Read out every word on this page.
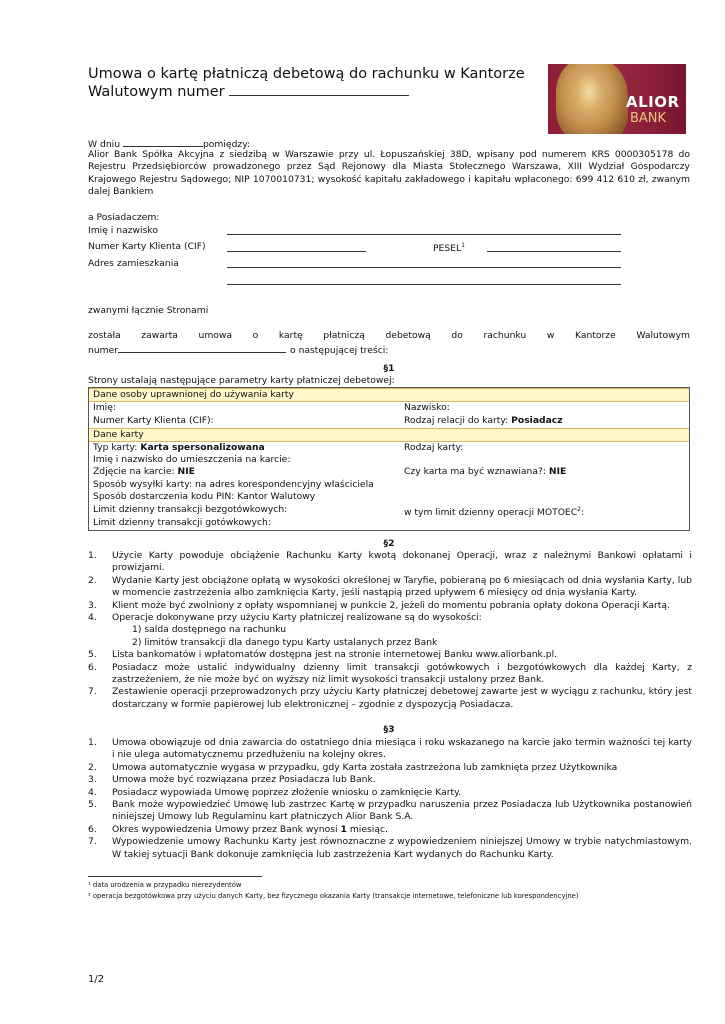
Umowa o kartę płatniczą debetową do rachunku w Kantorze
Walutowym numer
ALIOR
BANK
W dniu	pomiędzy:
Alior Bank Spółka Akcyjna z siedzibą w Warszawie przy ul. Łopuszańskiej 38D, wpisany pod numerem KRS 0000305178 do Rejestru Przedsiębiorców prowadzonego przez Sąd Rejonowy dla Miasta Stołecznego Warszawa, XIII Wydział Gospodarczy Krajowego Rejestru Sądowego; NIP 1070010731; wysokość kapitału zakładowego i kapitału wpłaconego: 699 412 610 zł, zwanym dalej Bankiem
a Posiadaczem:
Imię i nazwisko
Numer Karty Klienta (CIF)	PESEL$^1$
Adres zamieszkania
zwanymi łącznie Stronami
została zawarta umowa o kartę płatniczą debetową do rachunku w Kantorze Walutowym
numer	o następującej treści:
§1
Strony ustalają następujące parametry karty płatniczej debetowej:
Dane osoby uprawnionej do używania karty
Imię:	Nazwisko:
Numer Karty Klienta (CIF):	Rodzaj relacji do karty: Posiadacz
Dane karty
Typ karty: Karta spersonalizowana	Rodzaj karty:
Imię i nazwisko do umieszczenia na karcie:
Zdjęcie na karcie: NIE	Czy karta ma być wznawiana?: NIE
Sposób wysyłki karty: na adres korespondencyjny właściciela
Sposób dostarczenia kodu PIN: Kantor Walutowy
Limit dzienny transakcji bezgotówkowych:	w tym limit dzienny operacji MOTOEC$^2$:
Limit dzienny transakcji gotówkowych:
§2
1. Użycie Karty powoduje obciążenie Rachunku Karty kwotą dokonanej Operacji, wraz z należnymi Bankowi opłatami i prowizjami.
2. Wydanie Karty jest obciążone opłatą w wysokości określonej w Taryfie, pobieraną po 6 miesiącach od dnia wysłania Karty, lub w momencie zastrzeżenia albo zamknięcia Karty, jeśli nastąpią przed upływem 6 miesięcy od dnia wysłania Karty.
3. Klient może być zwolniony z opłaty wspomnianej w punkcie 2, jeżeli do momentu pobrania opłaty dokona Operacji Kartą.
4. Operacje dokonywane przy użyciu Karty płatniczej realizowane są do wysokości:
1) salda dostępnego na rachunku
2) limitów transakcji dla danego typu Karty ustalanych przez Bank
5. Lista bankomatów i wpłatomatów dostępna jest na stronie internetowej Banku www.aliorbank.pl.
6. Posiadacz może ustalić indywidualny dzienny limit transakcji gotówkowych i bezgotówkowych dla każdej Karty, z zastrzeżeniem, że nie może być on wyższy niż limit wysokości transakcji ustalony przez Bank.
7. Zestawienie operacji przeprowadzonych przy użyciu Karty płatniczej debetowej zawarte jest w wyciągu z rachunku, który jest dostarczany w formie papierowej lub elektronicznej – zgodnie z dyspozycją Posiadacza.
§3
1. Umowa obowiązuje od dnia zawarcia do ostatniego dnia miesiąca i roku wskazanego na karcie jako termin ważności tej karty i nie ulega automatycznemu przedłużeniu na kolejny okres.
2. Umowa automatycznie wygasa w przypadku, gdy Karta została zastrzeżona lub zamknięta przez Użytkownika
3. Umowa może być rozwiązana przez Posiadacza lub Bank.
4. Posiadacz wypowiada Umowę poprzez złożenie wniosku o zamknięcie Karty.
5. Bank może wypowiedzieć Umowę lub zastrzec Kartę w przypadku naruszenia przez Posiadacza lub Użytkownika postanowień niniejszej Umowy lub Regulaminu kart płatniczych Alior Bank S.A.
6. Okres wypowiedzenia Umowy przez Bank wynosi 1 miesiąc.
7. Wypowiedzenie umowy Rachunku Karty jest równoznaczne z wypowiedzeniem niniejszej Umowy w trybie natychmiastowym. W takiej sytuacji Bank dokonuje zamknięcia lub zastrzeżenia Kart wydanych do Rachunku Karty.
¹ data urodzenia w przypadku nierezydentów
² operacja bezgotówkowa przy użyciu danych Karty, bez fizycznego okazania Karty (transakcje internetowe, telefoniczne lub korespondencyjne)
1/2
